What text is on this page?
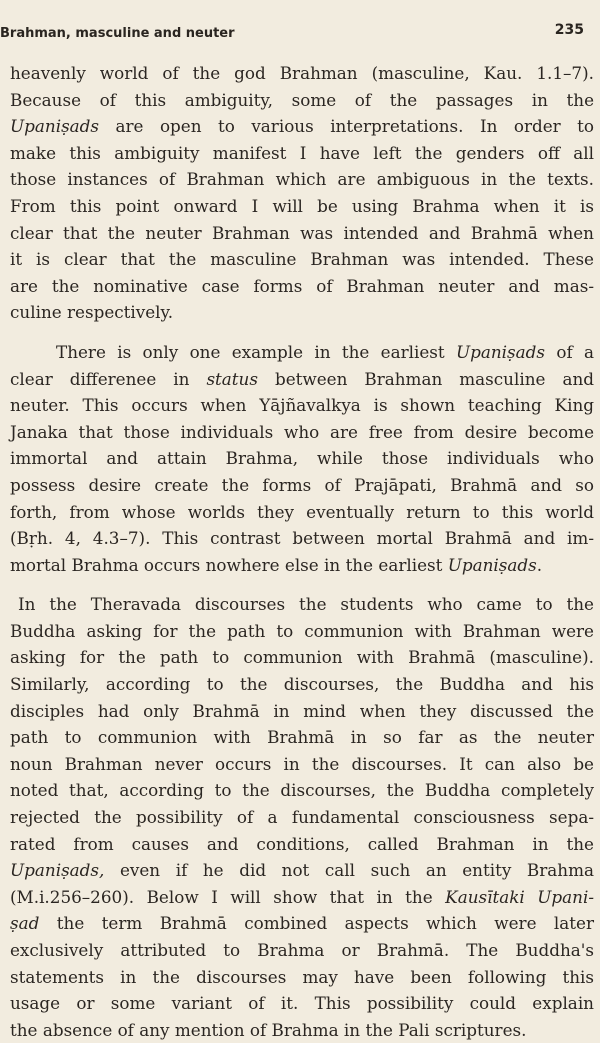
Brahman, masculine and neuter	235
heavenly world of the god Brahman (masculine, Kau. 1.1–7).
Because of this ambiguity, some of the passages in the
Upaniṣads are open to various interpretations. In order to
make this ambiguity manifest I have left the genders off all
those instances of Brahman which are ambiguous in the texts.
From this point onward I will be using Brahma when it is
clear that the neuter Brahman was intended and Brahmā when
it is clear that the masculine Brahman was intended. These
are the nominative case forms of Brahman neuter and mas-
culine respectively.
There is only one example in the earliest Upaniṣads of a
clear differenee in status between Brahman masculine and
neuter. This occurs when Yājñavalkya is shown teaching King
Janaka that those individuals who are free from desire become
immortal and attain Brahma, while those individuals who
possess desire create the forms of Prajāpati, Brahmā and so
forth, from whose worlds they eventually return to this world
(Bṛh. 4, 4.3–7). This contrast between mortal Brahmā and im-
mortal Brahma occurs nowhere else in the earliest Upaniṣads.
In the Theravada discourses the students who came to the
Buddha asking for the path to communion with Brahman were
asking for the path to communion with Brahmā (masculine).
Similarly, according to the discourses, the Buddha and his
disciples had only Brahmā in mind when they discussed the
path to communion with Brahmā in so far as the neuter
noun Brahman never occurs in the discourses. It can also be
noted that, according to the discourses, the Buddha completely
rejected the possibility of a fundamental consciousness sepa-
rated from causes and conditions, called Brahman in the
Upaniṣads, even if he did not call such an entity Brahma
(M.i.256–260). Below I will show that in the Kausītaki Upani-
ṣad the term Brahmā combined aspects which were later
exclusively attributed to Brahma or Brahmā. The Buddha's
statements in the discourses may have been following this
usage or some variant of it. This possibility could explain
the absence of any mention of Brahma in the Pali scriptures.
